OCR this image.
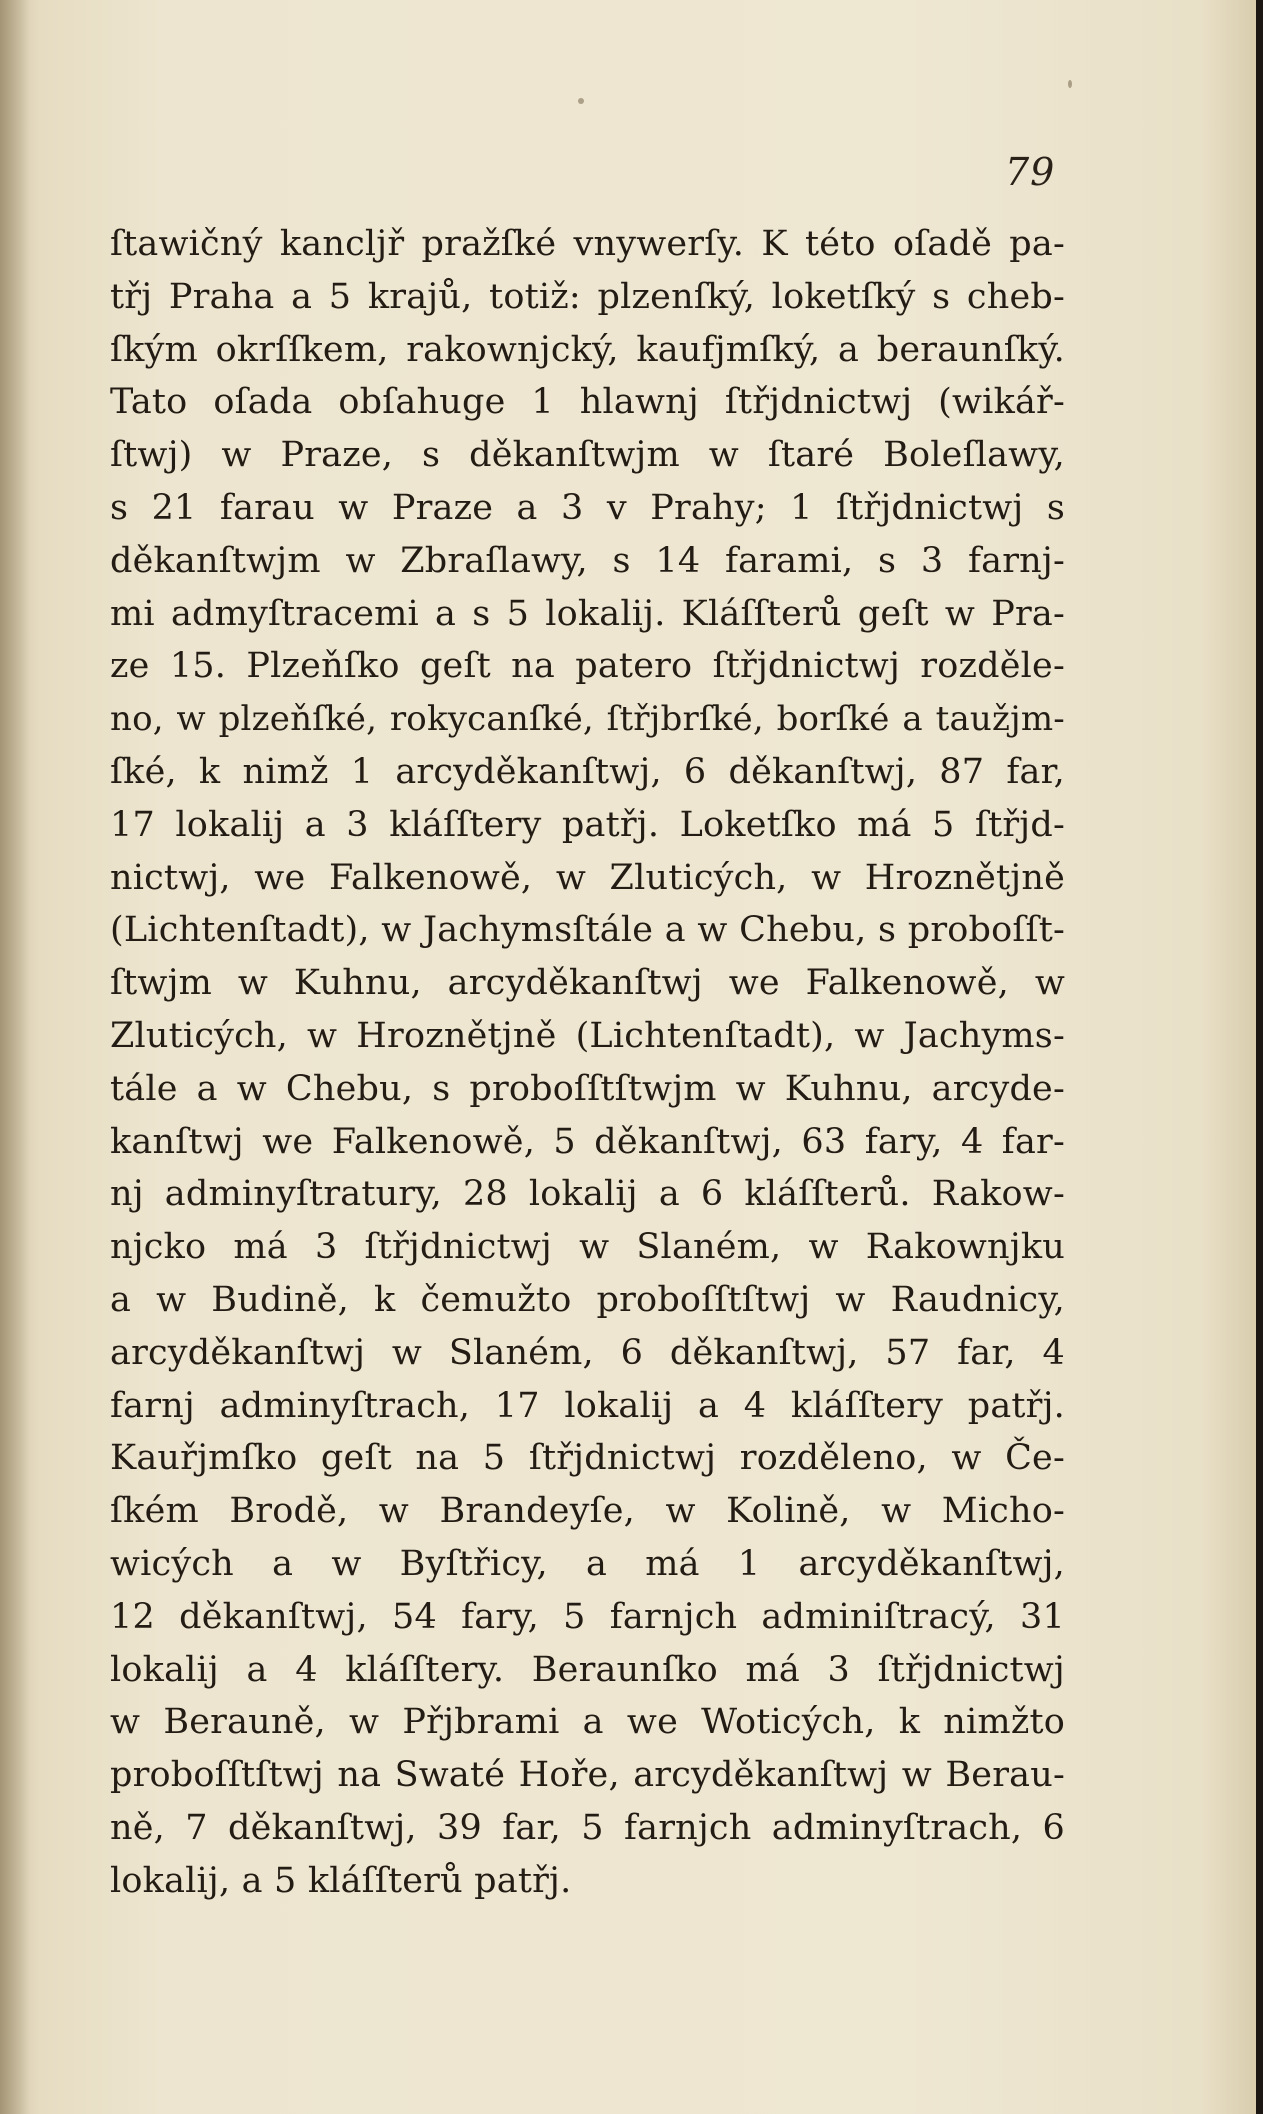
79
ſtawičný kancljř pražſké vnywerſy. K této oſadě pa-
třj Praha a 5 krajů, totiž: plzenſký, loketſký s cheb-
ſkým okrſſkem, rakownjcký, kaufjmſký, a beraunſký.
Tato oſada obſahuge 1 hlawnj ſtřjdnictwj (wikář-
ſtwj) w Praze, s děkanſtwjm w ſtaré Boleſlawy,
s 21 farau w Praze a 3 v Prahy; 1 ſtřjdnictwj s
děkanſtwjm w Zbraſlawy, s 14 farami, s 3 farnj-
mi admyſtracemi a s 5 lokalij. Kláſſterů geſt w Pra-
ze 15. Plzeňſko geſt na patero ſtřjdnictwj rozděle-
no, w plzeňſké, rokycanſké, ſtřjbrſké, borſké a taužjm-
ſké, k nimž 1 arcyděkanſtwj, 6 děkanſtwj, 87 far,
17 lokalij a 3 kláſſtery patřj. Loketſko má 5 ſtřjd-
nictwj, we Falkenowě, w Zluticých, w Hroznětjně
(Lichtenſtadt), w Jachymsſtále a w Chebu, s proboſſt-
ſtwjm w Kuhnu, arcyděkanſtwj we Falkenowě, w
Zluticých, w Hroznětjně (Lichtenſtadt), w Jachyms-
tále a w Chebu, s proboſſtſtwjm w Kuhnu, arcyde-
kanſtwj we Falkenowě, 5 děkanſtwj, 63 fary, 4 far-
nj adminyſtratury, 28 lokalij a 6 kláſſterů. Rakow-
njcko má 3 ſtřjdnictwj w Slaném, w Rakownjku
a w Budině, k čemužto proboſſtſtwj w Raudnicy,
arcyděkanſtwj w Slaném, 6 děkanſtwj, 57 far, 4
farnj adminyſtrach, 17 lokalij a 4 kláſſtery patřj.
Kauřjmſko geſt na 5 ſtřjdnictwj rozděleno, w Če-
ſkém Brodě, w Brandeyſe, w Kolině, w Micho-
wicých a w Byſtřicy, a má 1 arcyděkanſtwj,
12 děkanſtwj, 54 fary, 5 farnjch adminiſtracý, 31
lokalij a 4 kláſſtery. Beraunſko má 3 ſtřjdnictwj
w Berauně, w Přjbrami a we Woticých, k nimžto
proboſſtſtwj na Swaté Hoře, arcyděkanſtwj w Berau-
ně, 7 děkanſtwj, 39 far, 5 farnjch adminyſtrach, 6
lokalij, a 5 kláſſterů patřj.
